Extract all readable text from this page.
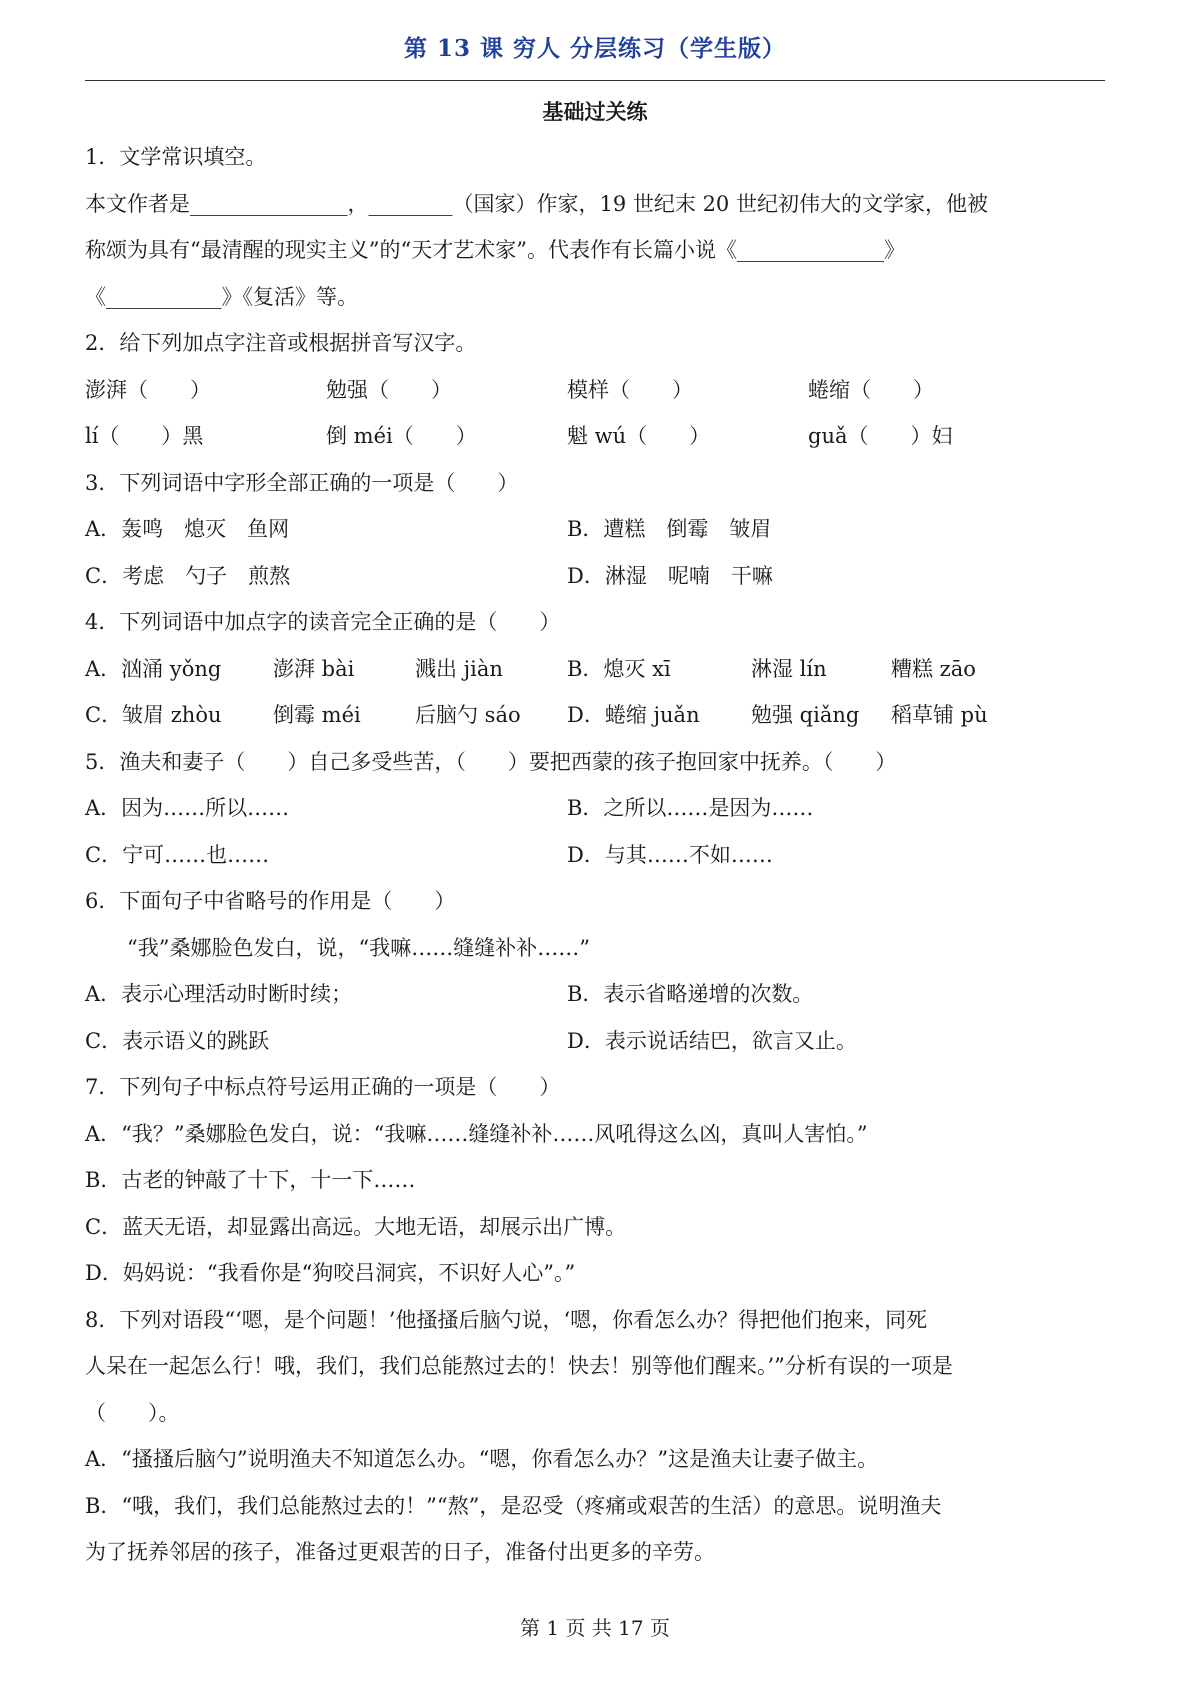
第 13 课 穷人 分层练习（学生版）
基础过关练
1．文学常识填空。
本文作者是_______________，________（国家）作家，19 世纪末 20 世纪初伟大的文学家，他被
称颂为具有“最清醒的现实主义”的“天才艺术家”。代表作有长篇小说《______________》
《___________》《复活》等。
2．给下列加点字注音或根据拼音写汉字。
澎湃（　　）	勉强（　　）	模样（　　）	蜷缩（　　）
lí（　　）黑	倒 méi（　　）	魁 wú（　　）	guǎ（　　）妇
3．下列词语中字形全部正确的一项是（　　）
A．轰鸣　熄灭　鱼网	B．遭糕　倒霉　皱眉
C．考虑　勺子　煎熬	D．淋湿　呢喃　干嘛
4．下列词语中加点字的读音完全正确的是（　　）
A．汹涌 yǒng	澎湃 bài	溅出 jiàn	B．熄灭 xī	淋湿 lín	糟糕 zāo
C．皱眉 zhòu	倒霉 méi	后脑勺 sáo	D．蜷缩 juǎn	勉强 qiǎng	稻草铺 pù
5．渔夫和妻子（　　）自己多受些苦，（　　）要把西蒙的孩子抱回家中抚养。（　　）
A．因为……所以……	B．之所以……是因为……
C．宁可……也……	D．与其……不如……
6．下面句子中省略号的作用是（　　）
“我”桑娜脸色发白，说，“我嘛……缝缝补补……”
A．表示心理活动时断时续；	B．表示省略递增的次数。
C．表示语义的跳跃	D．表示说话结巴，欲言又止。
7．下列句子中标点符号运用正确的一项是（　　）
A．“我？”桑娜脸色发白，说：“我嘛……缝缝补补……风吼得这么凶，真叫人害怕。”
B．古老的钟敲了十下，十一下……
C．蓝天无语，却显露出高远。大地无语，却展示出广博。
D．妈妈说：“我看你是“狗咬吕洞宾，不识好人心”。”
8．下列对语段“‘嗯，是个问题！’他搔搔后脑勺说，‘嗯，你看怎么办？得把他们抱来，同死
人呆在一起怎么行！哦，我们，我们总能熬过去的！快去！别等他们醒来。’”分析有误的一项是
（　　）。
A．“搔搔后脑勺”说明渔夫不知道怎么办。“嗯，你看怎么办？”这是渔夫让妻子做主。
B．“哦，我们，我们总能熬过去的！”“熬”，是忍受（疼痛或艰苦的生活）的意思。说明渔夫
为了抚养邻居的孩子，准备过更艰苦的日子，准备付出更多的辛劳。
第 1 页 共 17 页
